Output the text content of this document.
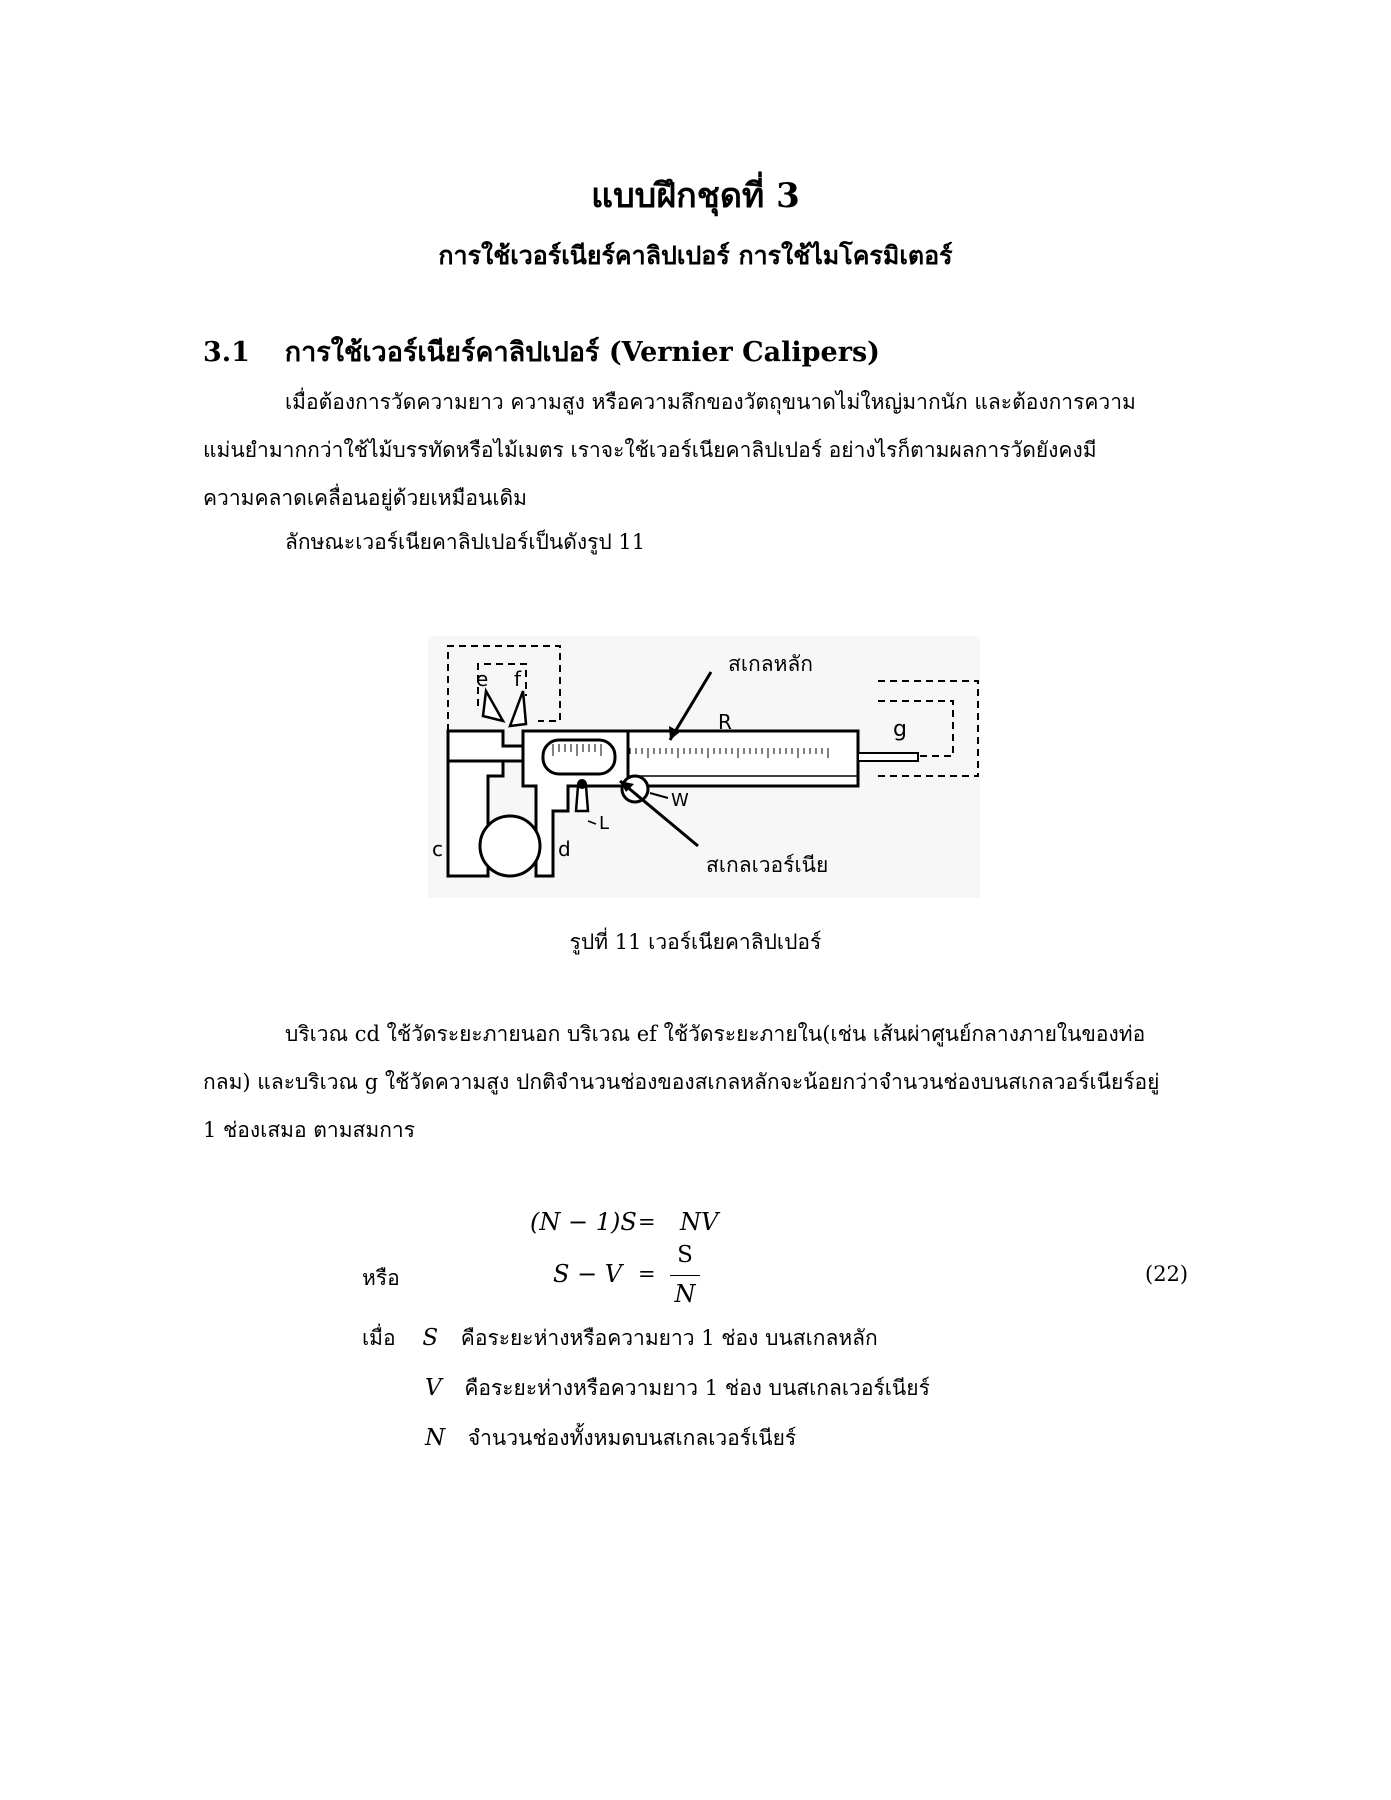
แบบฝึกชุดที่ 3
การใช้เวอร์เนียร์คาลิปเปอร์ การใช้ไมโครมิเตอร์
3.1 การใช้เวอร์เนียร์คาลิปเปอร์ (Vernier Calipers)
เมื่อต้องการวัดความยาว ความสูง หรือความลึกของวัตถุขนาดไม่ใหญ่มากนัก และต้องการความแม่นยำมากกว่าใช้ไม้บรรทัดหรือไม้เมตร เราจะใช้เวอร์เนียคาลิปเปอร์ อย่างไรก็ตามผลการวัดยังคงมีความคลาดเคลื่อนอยู่ด้วยเหมือนเดิม
ลักษณะเวอร์เนียคาลิปเปอร์เป็นดังรูป 11
e f
g
R
W
L
c	d
สเกลหลัก
สเกลเวอร์เนีย
รูปที่ 11 เวอร์เนียคาลิปเปอร์
บริเวณ cd ใช้วัดระยะภายนอก บริเวณ ef ใช้วัดระยะภายใน(เช่น เส้นผ่าศูนย์กลางภายในของท่อกลม) และบริเวณ g ใช้วัดความสูง ปกติจำนวนช่องของสเกลหลักจะน้อยกว่าจำนวนช่องบนสเกลวอร์เนียร์อยู่ 1 ช่องเสมอ ตามสมการ
(N − 1)S = NV
หรือ	S − V =
S
N
(22)
เมื่อ S คือระยะห่างหรือความยาว 1 ช่อง บนสเกลหลัก
V คือระยะห่างหรือความยาว 1 ช่อง บนสเกลเวอร์เนียร์
N จำนวนช่องทั้งหมดบนสเกลเวอร์เนียร์
